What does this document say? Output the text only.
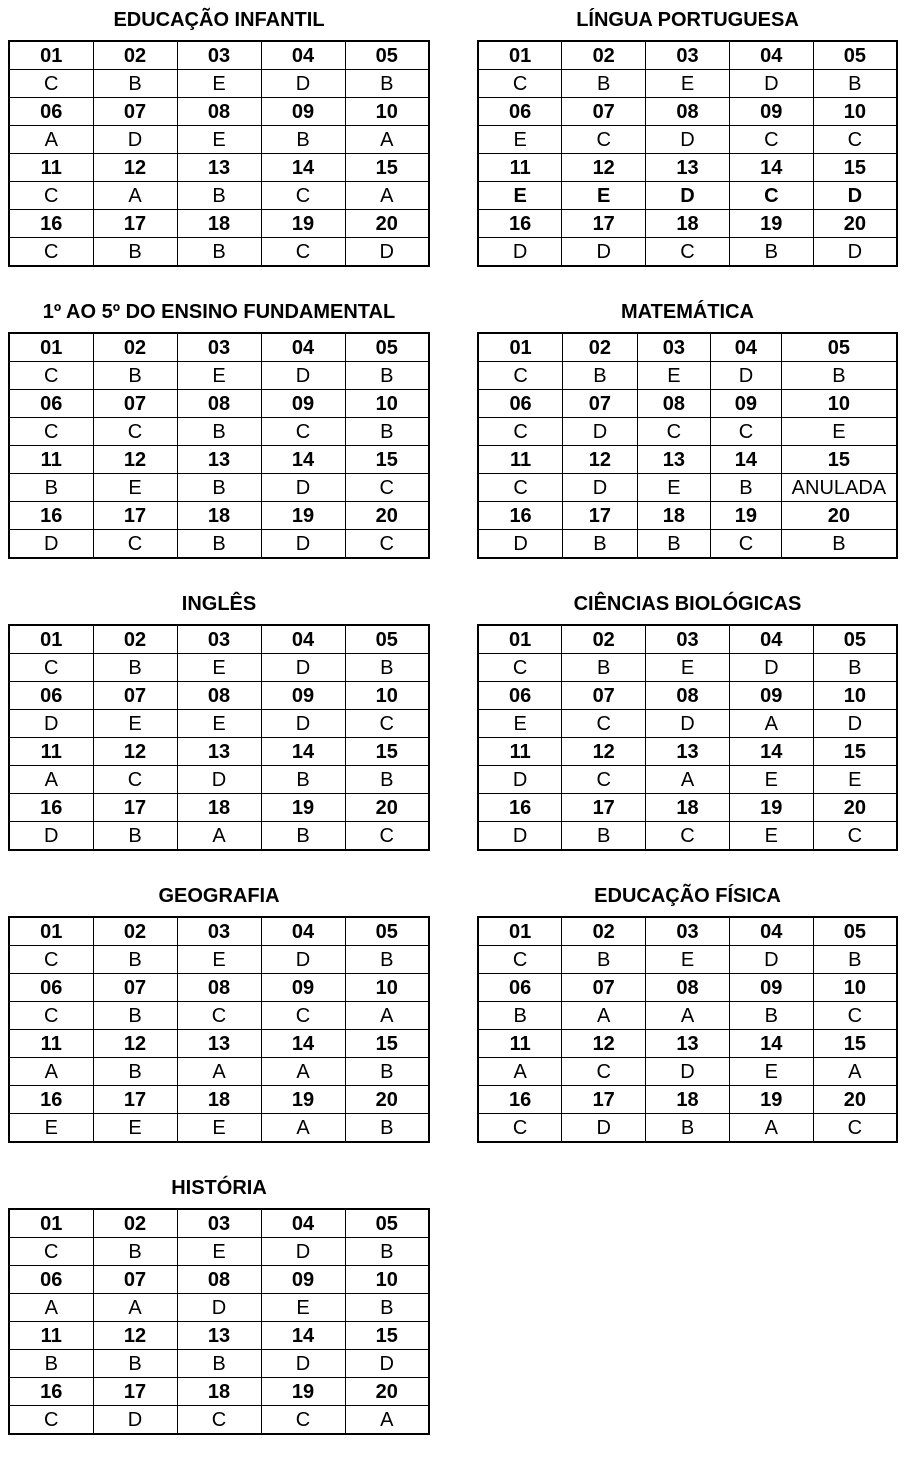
EDUCAÇÃO INFANTIL
01	02	03	04	05
C	B	E	D	B
06	07	08	09	10
A	D	E	B	A
11	12	13	14	15
C	A	B	C	A
16	17	18	19	20
C	B	B	C	D
LÍNGUA PORTUGUESA
01	02	03	04	05
C	B	E	D	B
06	07	08	09	10
E	C	D	C	C
11	12	13	14	15
E	E	D	C	D
16	17	18	19	20
D	D	C	B	D
1º AO 5º DO ENSINO FUNDAMENTAL
01	02	03	04	05
C	B	E	D	B
06	07	08	09	10
C	C	B	C	B
11	12	13	14	15
B	E	B	D	C
16	17	18	19	20
D	C	B	D	C
MATEMÁTICA
01	02	03	04	05
C	B	E	D	B
06	07	08	09	10
C	D	C	C	E
11	12	13	14	15
C	D	E	B	ANULADA
16	17	18	19	20
D	B	B	C	B
INGLÊS
01	02	03	04	05
C	B	E	D	B
06	07	08	09	10
D	E	E	D	C
11	12	13	14	15
A	C	D	B	B
16	17	18	19	20
D	B	A	B	C
CIÊNCIAS BIOLÓGICAS
01	02	03	04	05
C	B	E	D	B
06	07	08	09	10
E	C	D	A	D
11	12	13	14	15
D	C	A	E	E
16	17	18	19	20
D	B	C	E	C
GEOGRAFIA
01	02	03	04	05
C	B	E	D	B
06	07	08	09	10
C	B	C	C	A
11	12	13	14	15
A	B	A	A	B
16	17	18	19	20
E	E	E	A	B
EDUCAÇÃO FÍSICA
01	02	03	04	05
C	B	E	D	B
06	07	08	09	10
B	A	A	B	C
11	12	13	14	15
A	C	D	E	A
16	17	18	19	20
C	D	B	A	C
HISTÓRIA
01	02	03	04	05
C	B	E	D	B
06	07	08	09	10
A	A	D	E	B
11	12	13	14	15
B	B	B	D	D
16	17	18	19	20
C	D	C	C	A
